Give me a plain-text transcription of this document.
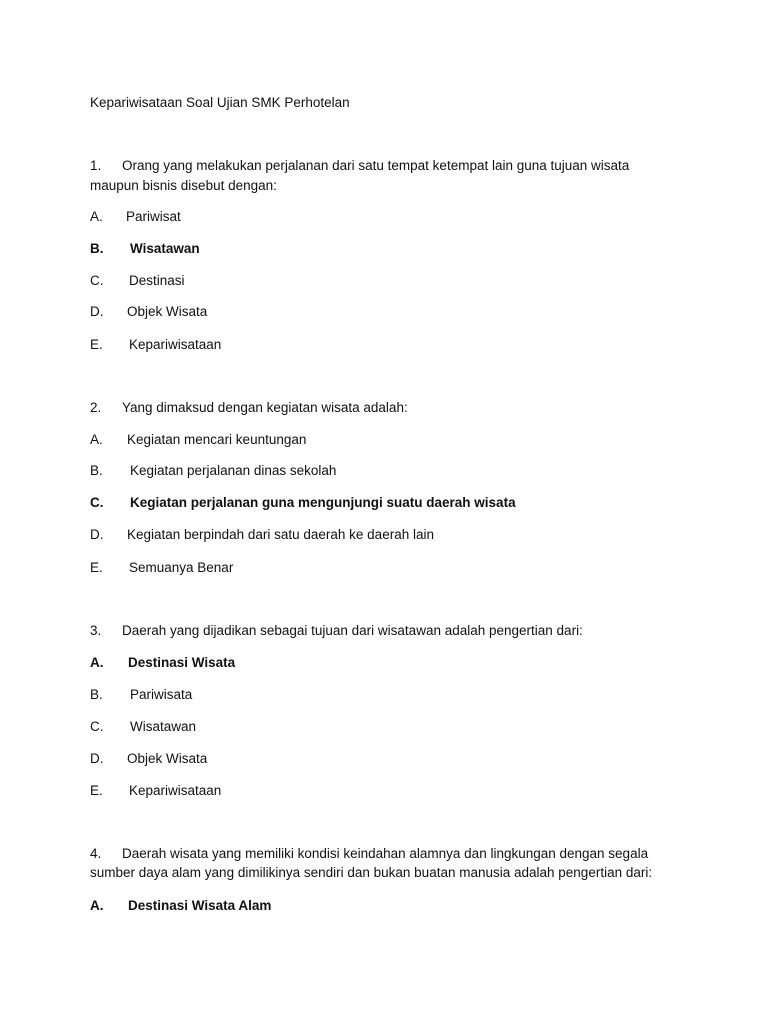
Kepariwisataan Soal Ujian SMK Perhotelan
1. Orang yang melakukan perjalanan dari satu tempat ketempat lain guna tujuan wisata
maupun bisnis disebut dengan:
A. Pariwisat
B. Wisatawan
C. Destinasi
D. Objek Wisata
E. Kepariwisataan
2. Yang dimaksud dengan kegiatan wisata adalah:
A. Kegiatan mencari keuntungan
B. Kegiatan perjalanan dinas sekolah
C. Kegiatan perjalanan guna mengunjungi suatu daerah wisata
D. Kegiatan berpindah dari satu daerah ke daerah lain
E. Semuanya Benar
3. Daerah yang dijadikan sebagai tujuan dari wisatawan adalah pengertian dari:
A. Destinasi Wisata
B. Pariwisata
C. Wisatawan
D. Objek Wisata
E. Kepariwisataan
4. Daerah wisata yang memiliki kondisi keindahan alamnya dan lingkungan dengan segala
sumber daya alam yang dimilikinya sendiri dan bukan buatan manusia adalah pengertian dari:
A. Destinasi Wisata Alam
